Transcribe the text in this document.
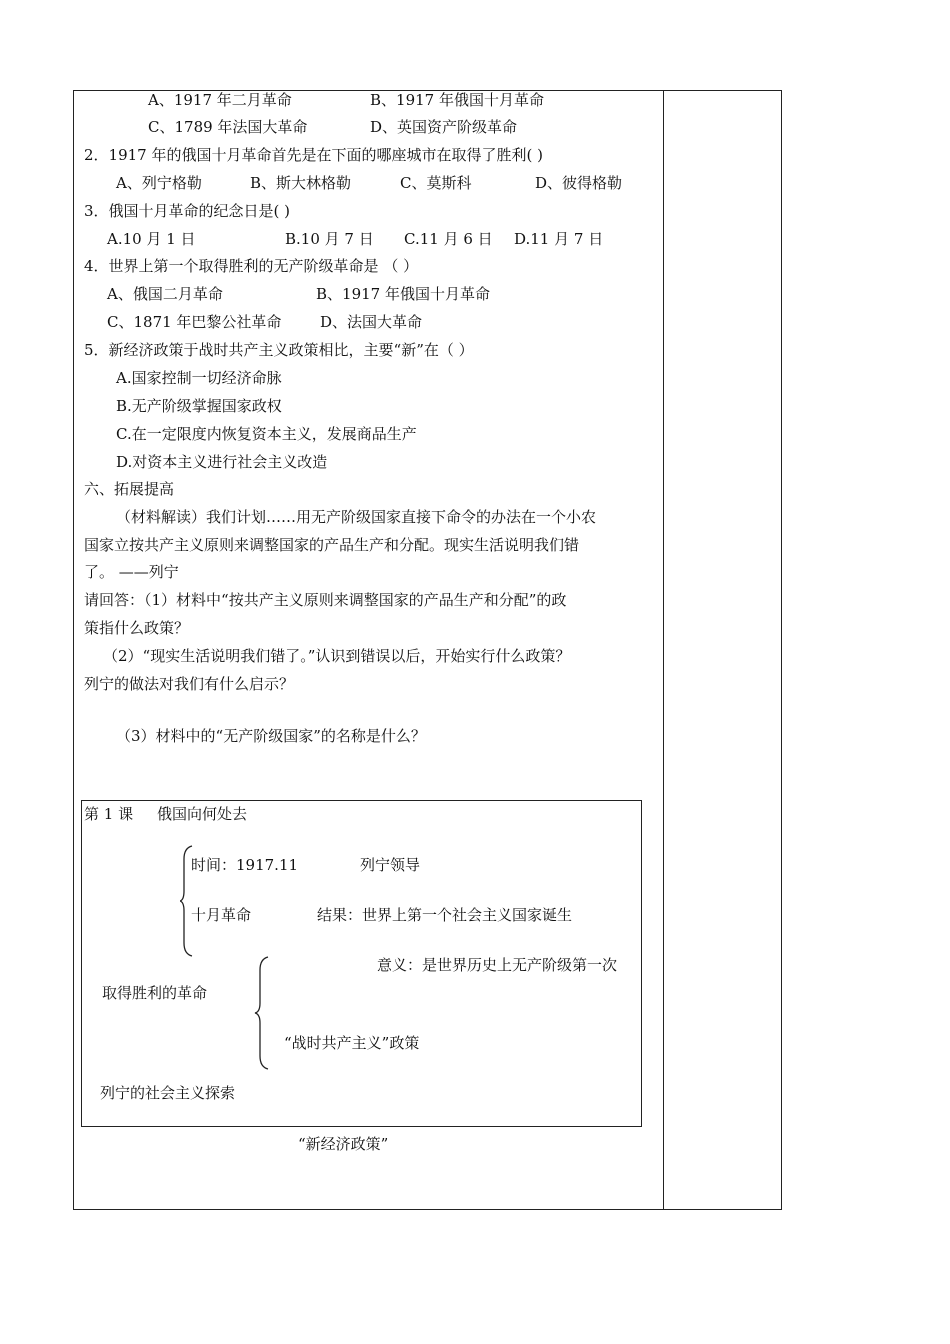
A、1917 年二月革命	B、1917 年俄国十月革命
C、1789 年法国大革命	D、英国资产阶级革命
2．1917 年的俄国十月革命首先是在下面的哪座城市在取得了胜利( )
A、列宁格勒	B、斯大林格勒	C、莫斯科	D、彼得格勒
3．俄国十月革命的纪念日是( )
A.10 月 1 日	B.10 月 7 日 C.11 月 6 日 D.11 月 7 日
4．世界上第一个取得胜利的无产阶级革命是 （ ）
A、俄国二月革命	B、1917 年俄国十月革命
C、1871 年巴黎公社革命	D、法国大革命
5．新经济政策于战时共产主义政策相比，主要“新”在（ ）
A.国家控制一切经济命脉
B.无产阶级掌握国家政权
C.在一定限度内恢复资本主义，发展商品生产
D.对资本主义进行社会主义改造
六、拓展提高
（材料解读）我们计划……用无产阶级国家直接下命令的办法在一个小农
国家立按共产主义原则来调整国家的产品生产和分配。现实生活说明我们错
了。 ——列宁
请回答：（1）材料中“按共产主义原则来调整国家的产品生产和分配”的政
策指什么政策？
（2）“现实生活说明我们错了。”认识到错误以后，开始实行什么政策？
列宁的做法对我们有什么启示？
（3）材料中的“无产阶级国家”的名称是什么？
第 1 课 俄国向何处去
时间：1917.11	列宁领导
十月革命	结果：世界上第一个社会主义国家诞生
意义：是世界历史上无产阶级第一次
取得胜利的革命
“战时共产主义”政策
列宁的社会主义探索
“新经济政策”
